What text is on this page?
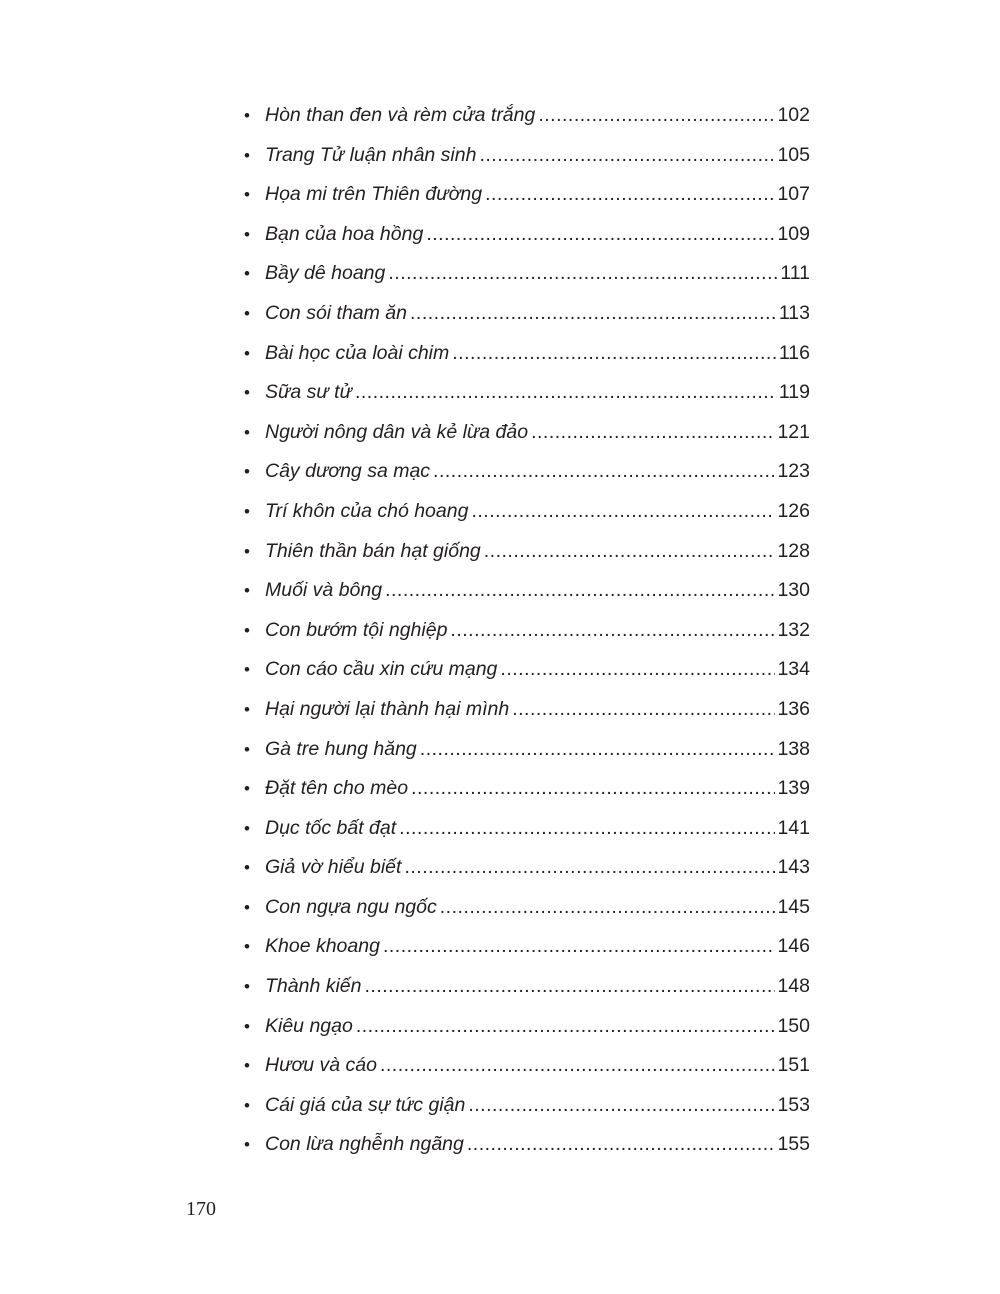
• Hòn than đen và rèm cửa trắng .....	102
• Trang Tử luận nhân sinh .....	105
• Họa mi trên Thiên đường .....	107
• Bạn của hoa hồng .....	109
• Bầy dê hoang .....	111
• Con sói tham ăn .....	113
• Bài học của loài chim .....	116
• Sữa sư tử .....	119
• Người nông dân và kẻ lừa đảo .....	121
• Cây dương sa mạc .....	123
• Trí khôn của chó hoang .....	126
• Thiên thần bán hạt giống .....	128
• Muối và bông .....	130
• Con bướm tội nghiệp .....	132
• Con cáo cầu xin cứu mạng .....	134
• Hại người lại thành hại mình .....	136
• Gà tre hung hăng .....	138
• Đặt tên cho mèo .....	139
• Dục tốc bất đạt .....	141
• Giả vờ hiểu biết .....	143
• Con ngựa ngu ngốc .....	145
• Khoe khoang .....	146
• Thành kiến .....	148
• Kiêu ngạo .....	150
• Hươu và cáo .....	151
• Cái giá của sự tức giận .....	153
• Con lừa nghễnh ngãng .....	155
170
